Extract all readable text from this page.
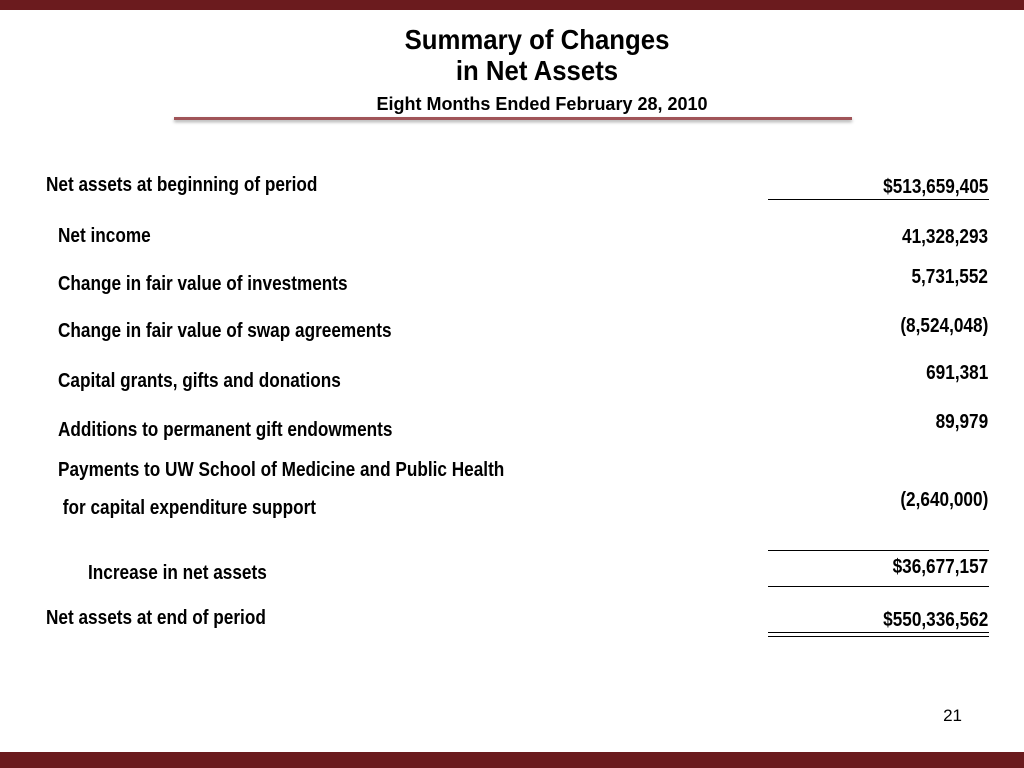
Summary of Changes
in Net Assets
Eight Months Ended February 28, 2010
Net assets at beginning of period	$513,659,405
Net income	41,328,293
Change in fair value of investments	5,731,552
Change in fair value of swap agreements	(8,524,048)
Capital grants, gifts and donations	691,381
Additions to permanent gift endowments	89,979
Payments to UW School of Medicine and Public Health
for capital expenditure support	(2,640,000)
Increase in net assets	$36,677,157
Net assets at end of period	$550,336,562
21
